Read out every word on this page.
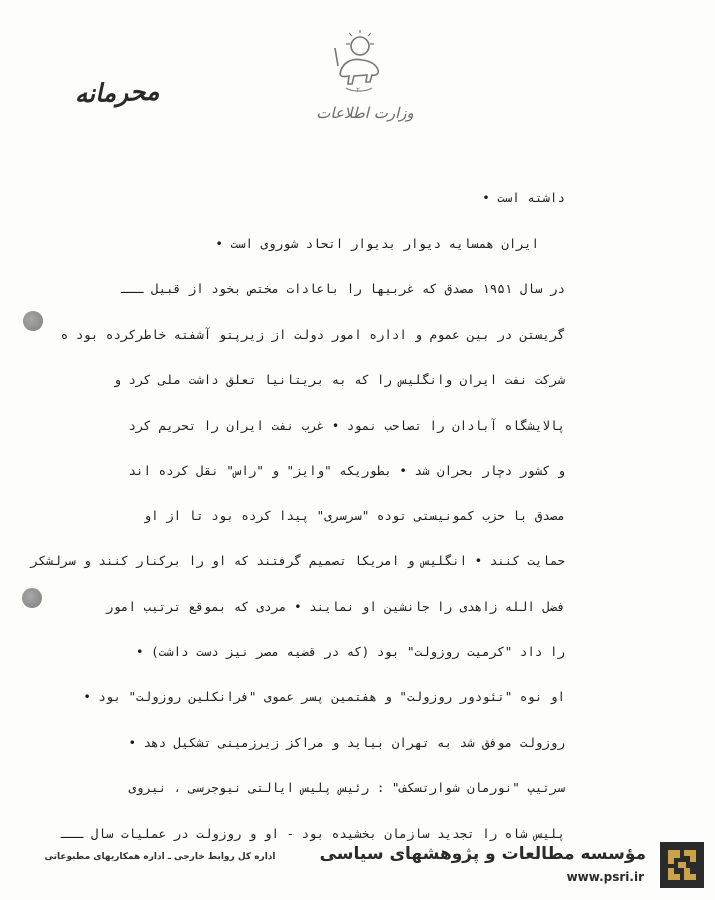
۲
وزارت اطلاعات
محرمانه
داشته است •
ایران همسایه دیوار بدیوار اتحاد شوروی است •
در سال ۱۹۵۱ مصدق که غربیها را باعادات مختص بخود از قبیل ـــ
گریستن در بین عموم و اداره امور دولت از زیرپتو آشفته خاطرکرده بود ه
شرکت نفت ایران وانگلیس را که به بریتانیا تعلق داشت ملی کرد و
پالایشگاه آبادان را تصاحب نمود • غرب نفت ایران را تحریم کرد
و کشور دچار بحران شد • بطوریکه "وایز" و "راس" نقل کرده اند
مصدق با حزب کمونیستی توده "سرسری" پیدا کرده بود تا از او
حمایت کنند • انگلیس و امریکا تصمیم گرفتند که او را برکنار کنند و سرلشکر
فضل الله زاهدی را جانشین او نمایند • مردی که بموقع ترتیب امور
را داد "کرمیت روزولت" بود (که در قضیه مصر نیز دست داشت) •
او نوه "تئودور روزولت" و هفتمین پسر عموی "فرانکلین روزولت" بود •
روزولت موفق شد به تهران بیاید و مراکز زیرزمینی تشکیل دهد •
سرتیپ "نورمان شوارتسکف" : رئیس پلیس ایالتی نیوجرسی ، نیروی
پلیس شاه را تجدید سازمان بخشیده بود - او و روزولت در عملیات سال ـــ
اداره کل روابط خارجی ـ اداره همکاریهای مطبوعاتی	مؤسسه مطالعات و پژوهشهای سیاسی
www.psri.ir
